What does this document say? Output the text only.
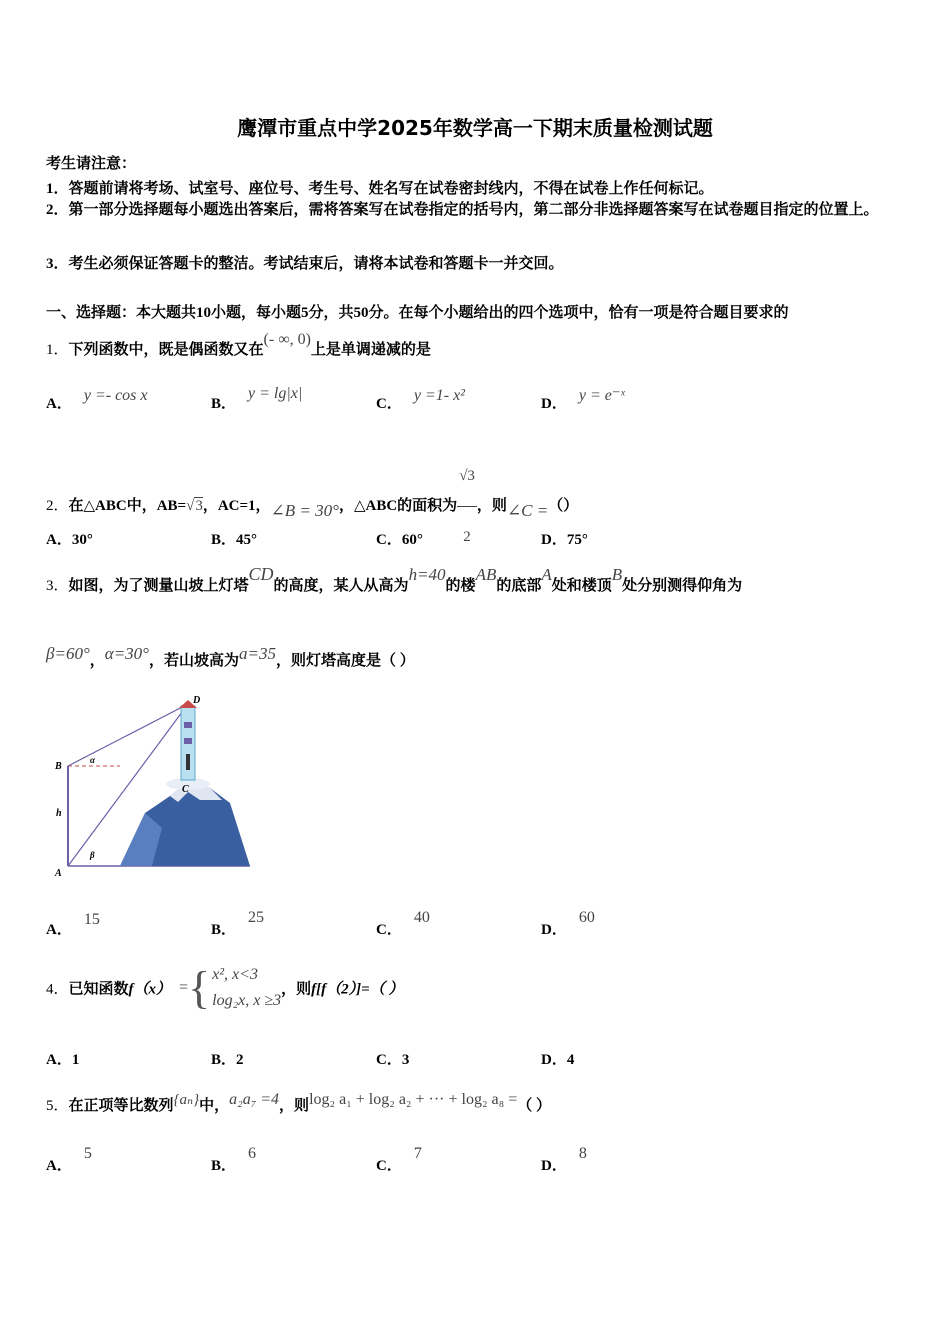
鹰潭市重点中学2025年数学高一下期末质量检测试题
考生请注意：
1．答题前请将考场、试室号、座位号、考生号、姓名写在试卷密封线内，不得在试卷上作任何标记。
2．第一部分选择题每小题选出答案后，需将答案写在试卷指定的括号内，第二部分非选择题答案写在试卷题目指定的位置上。
3．考生必须保证答题卡的整洁。考试结束后，请将本试卷和答题卡一并交回。
一、选择题：本大题共10小题，每小题5分，共50分。在每个小题给出的四个选项中，恰有一项是符合题目要求的
1．下列函数中，既是偶函数又在(- ∞, 0)上是单调递减的是
A． y =- cos x	B．y = lg|x|
C． y =1- x²	D． y = e⁻ˣ
2．在△ABC中，AB=√3，AC=1，∠B = 30°，△ABC的面积为 $\frac{√3}{2}$ ，则∠C =（）
A．30°	B．45°	C．60°	D．75°
3．如图，为了测量山坡上灯塔CD的高度，某人从高为h=40的楼AB的底部A处和楼顶B处分别测得仰角为
β=60°，α=30°，若山坡高为a=35，则灯塔高度是（ ）
D
B
α
h
C
β
A
A．15
B．25
C．40
D．60
4．已知函数f（x） ={ x², x<3
log₂x, x ≥3
，则f[f（2）]=（ ）
A．1	B．2	C．3	D．4
5．在正项等比数列{aₙ}中，a₂a₇ =4，则log₂ a₁ + log₂ a₂ + ··· + log₂ a₈ =（ ）
A．5
B．6
C．7
D．8
